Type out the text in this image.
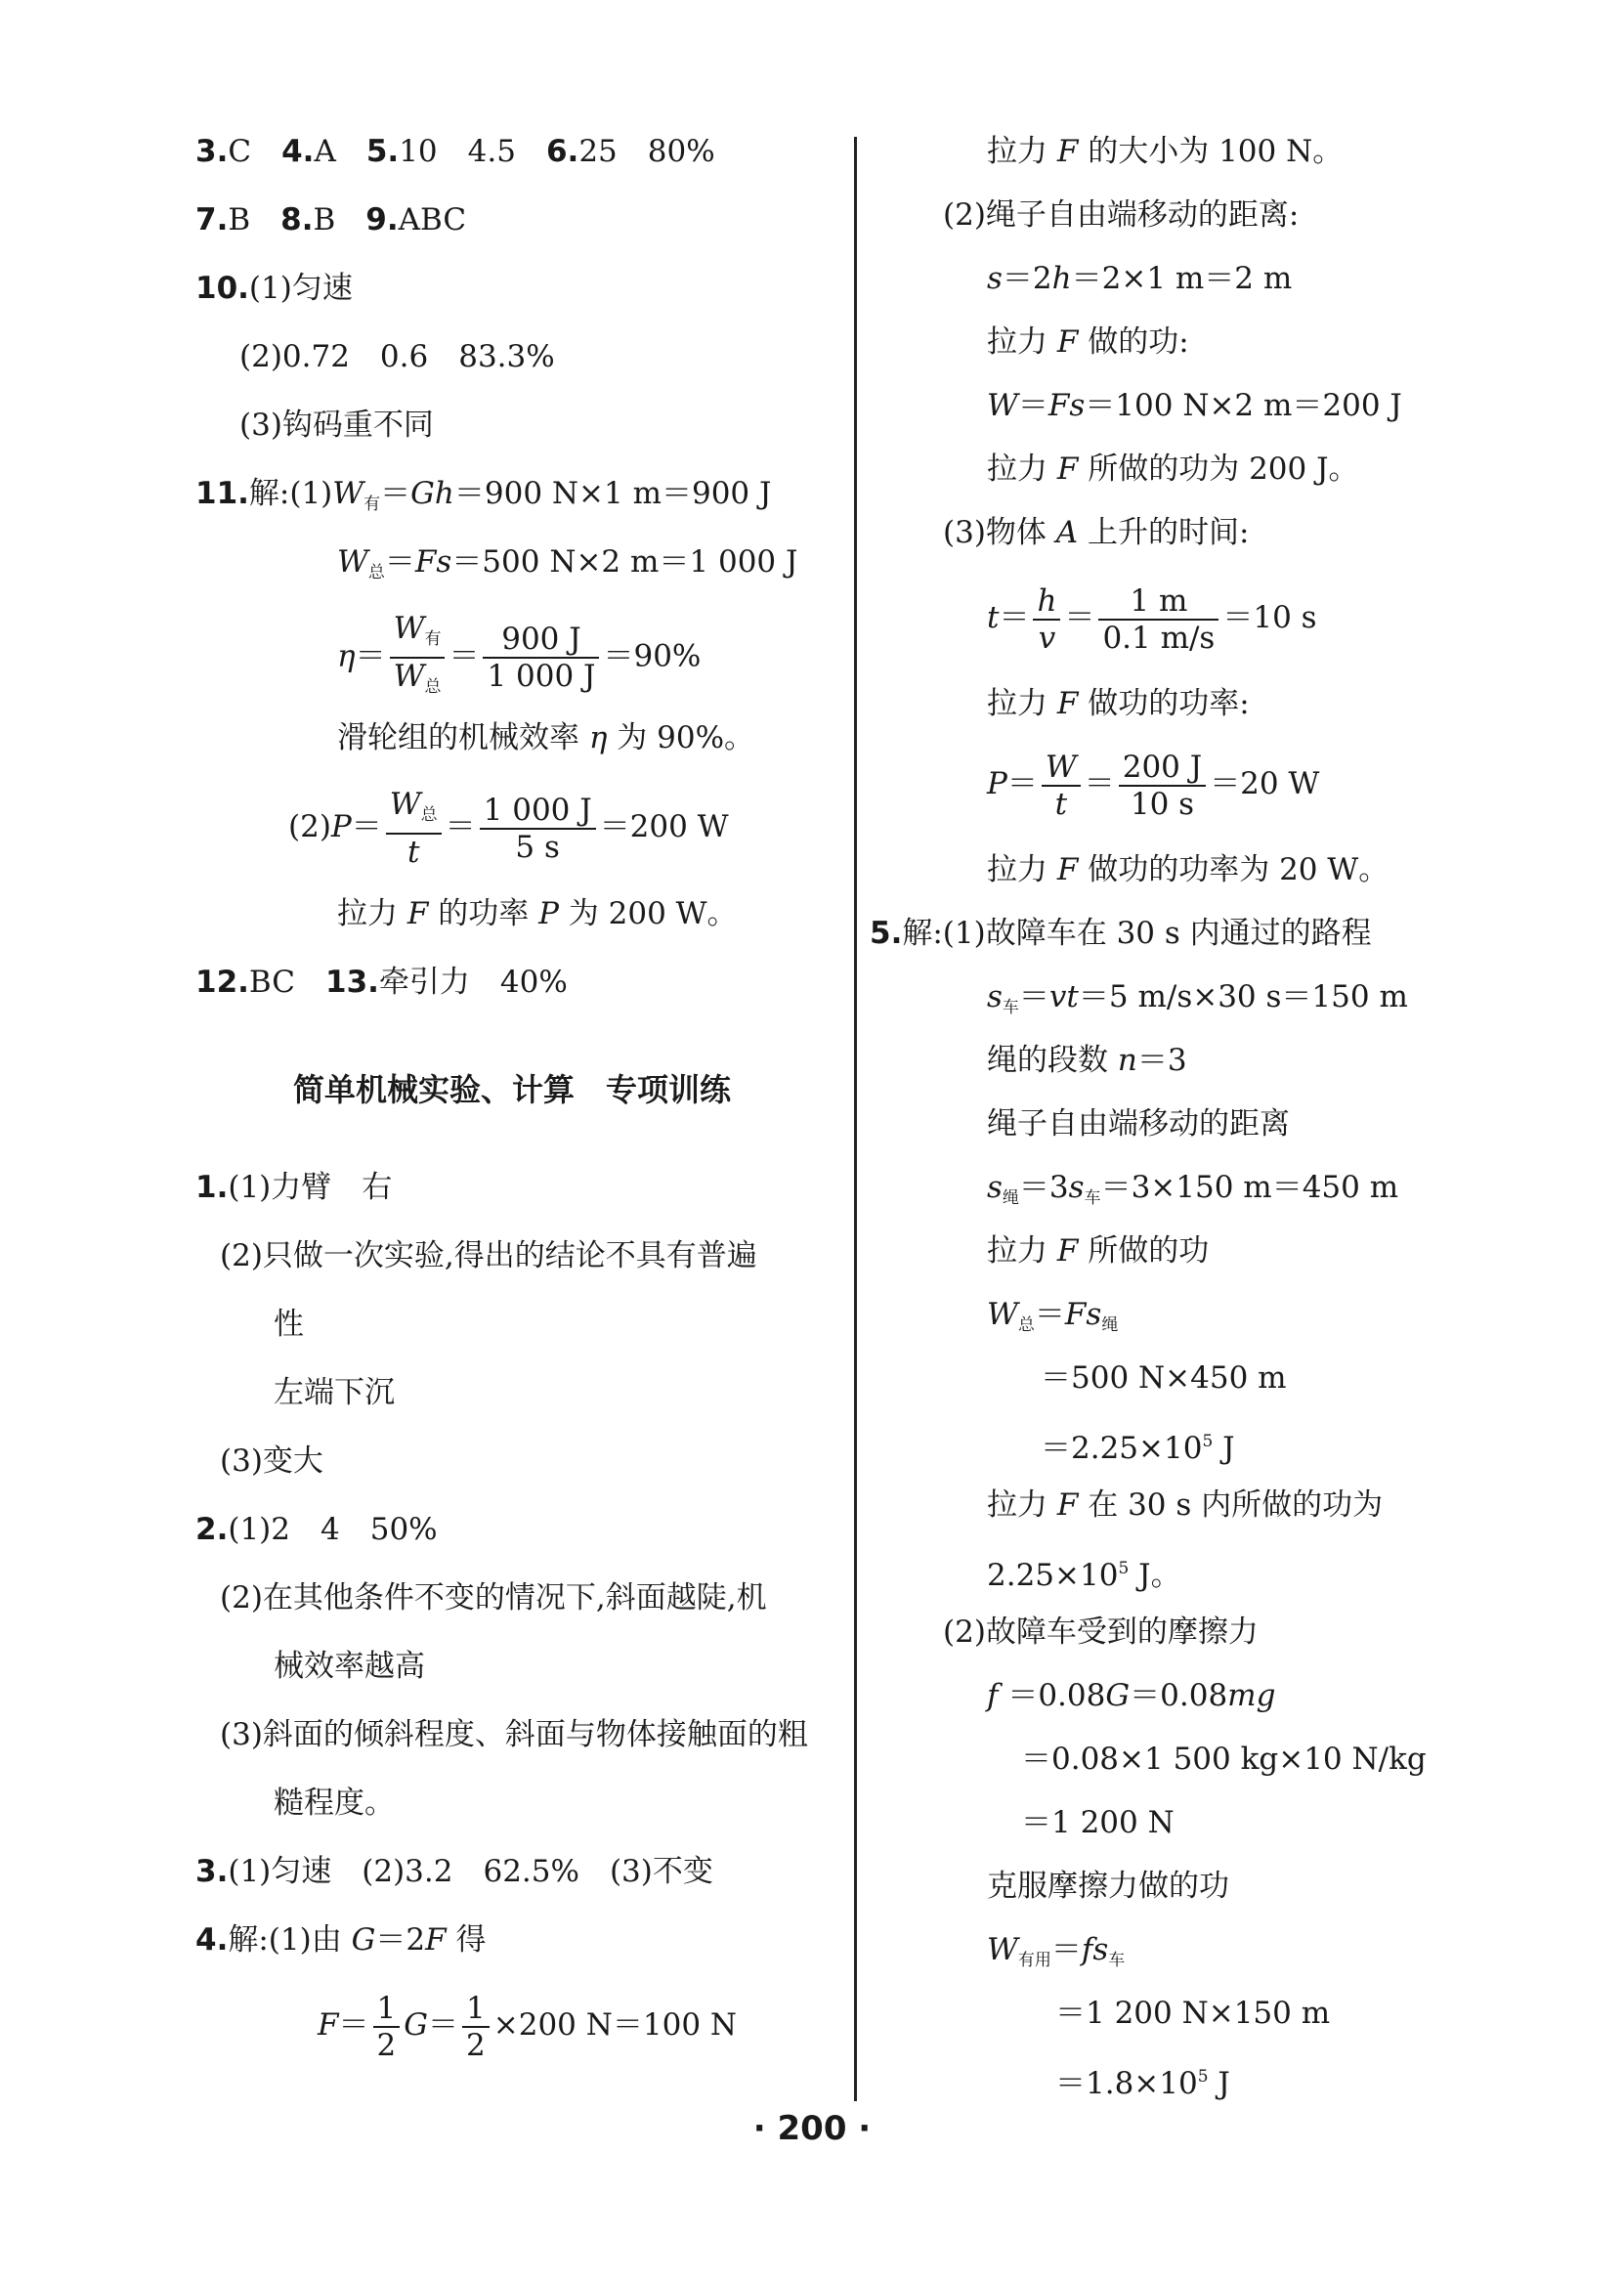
3.C　 4.A　 5.10　4.5　 6.25　80%
7.B　 8.B　 9.ABC
10.(1)匀速
(2)0.72　0.6　83.3%
(3)钩码重不同
11.解$:(1)W_有=Gh=900$ N×1 m＝900 J
$W_总=Fs=500$ N×2 m＝1 000 J
$\eta= \frac{W_有}{W_总} = \frac{900 J}{1 000 J} =90\%$
滑轮组的机械效率 η 为 90%。
$(2)P= \frac{W_总}{t} = \frac{1 000 J}{5 s} =200$ W
拉力 F 的功率 P 为 200 W。
12.BC　 13.牵引力　40%
简单机械实验、计算　专项训练
1.(1)力臂　右
(2)只做一次实验,得出的结论不具有普遍
性
左端下沉
(3)变大
2.(1)2　4　50%
(2)在其他条件不变的情况下,斜面越陡,机
械效率越高
(3)斜面的倾斜程度、斜面与物体接触面的粗
糙程度。
3.(1)匀速　(2)3.2　62.5%　(3)不变
4.解:(1)由 G＝2F 得
$F= \frac{1}{2} G= \frac{1}{2} \times 200$ N＝100 N
拉力 F 的大小为 100 N。
(2)绳子自由端移动的距离:
s＝2h＝2×1 m＝2 m
拉力 F 做的功:
W＝Fs＝100 N×2 m＝200 J
拉力 F 所做的功为 200 J。
(3)物体 A 上升的时间:
$t= \frac{h}{v} = \frac{1 m}{0.1 m/s} =10$ s
拉力 F 做功的功率:
$P= \frac{W}{t} = \frac{200 J}{10 s} =20$ W
拉力 F 做功的功率为 20 W。
5.解:(1)故障车在 30 s 内通过的路程
$s_车=vt=5$ m/s×30 s＝150 m
绳的段数 n＝3
绳子自由端移动的距离
$s_绳=3s_车=3\times 150$ m＝450 m
拉力 F 所做的功
$W_总=Fs_绳$
＝500 N×450 m
$=2.25\times 10^5$ J
拉力 F 在 30 s 内所做的功为
$2.25\times 10^5$ J。
(2)故障车受到的摩擦力
f ＝0.08G＝0.08mg
＝0.08×1 500 kg×10 N/kg
＝1 200 N
克服摩擦力做的功
$W_{有用}=fs_车$
＝1 200 N×150 m
$=1.8\times 10^5$ J
· 200 ·
